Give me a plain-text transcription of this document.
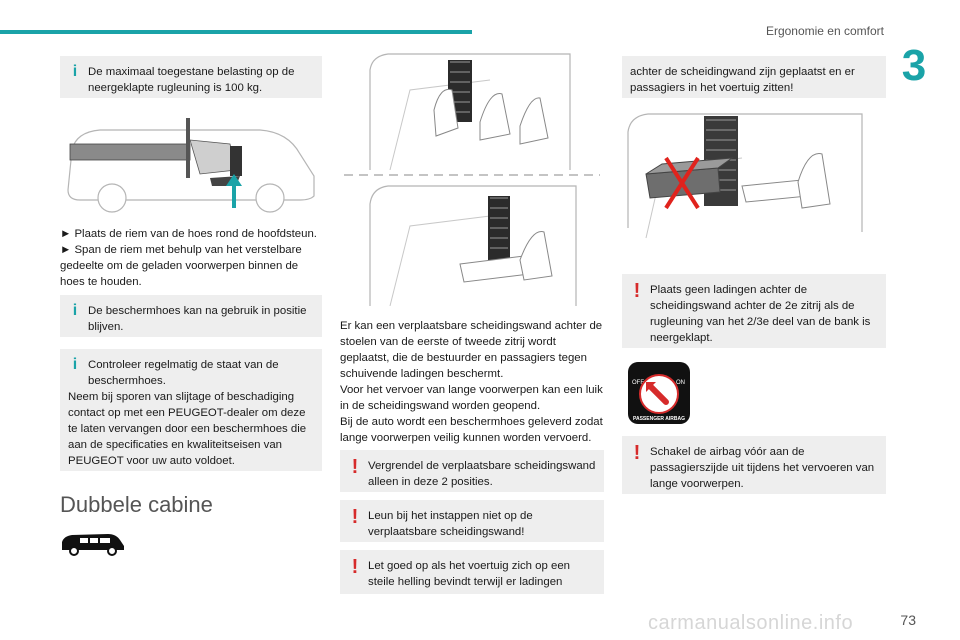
Ergonomie en comfort
3
i De maximaal toegestane belasting op de neergeklapte rugleuning is 100 kg.

► Plaats de riem van de hoes rond de hoofdsteun.

► Span de riem met behulp van het verstelbare gedeelte om de geladen voorwerpen binnen de hoes te houden.

i De beschermhoes kan na gebruik in positie blijven.
i Controleer regelmatig de staat van de beschermhoes.
Neem bij sporen van slijtage of beschadiging contact op met een PEUGEOT-dealer om deze te laten vervangen door een beschermhoes die aan de specificaties en kwaliteitseisen van PEUGEOT voor uw auto voldoet.
Dubbele cabine

Er kan een verplaatsbare scheidingswand achter de stoelen van de eerste of tweede zitrij wordt geplaatst, die de bestuurder en passagiers tegen schuivende ladingen beschermt.

Voor het vervoer van lange voorwerpen kan een luik in de scheidingswand worden geopend.

Bij de auto wordt een beschermhoes geleverd zodat lange voorwerpen veilig kunnen worden vervoerd.

! Vergrendel de verplaatsbare scheidingswand alleen in deze 2 posities.
! Leun bij het instappen niet op de verplaatsbare scheidingswand!
! Let goed op als het voertuig zich op een steile helling bevindt terwijl er ladingen
achter de scheidingwand zijn geplaatst en er passagiers in het voertuig zitten!
! Plaats geen ladingen achter de scheidingswand achter de 2e zitrij als de rugleuning van het 2/3e deel van de bank is neergeklapt.
OFF	ON
PASSENGER AIRBAG
! Schakel de airbag vóór aan de passagierszijde uit tijdens het vervoeren van lange voorwerpen.
carmanualsonline.info	73
